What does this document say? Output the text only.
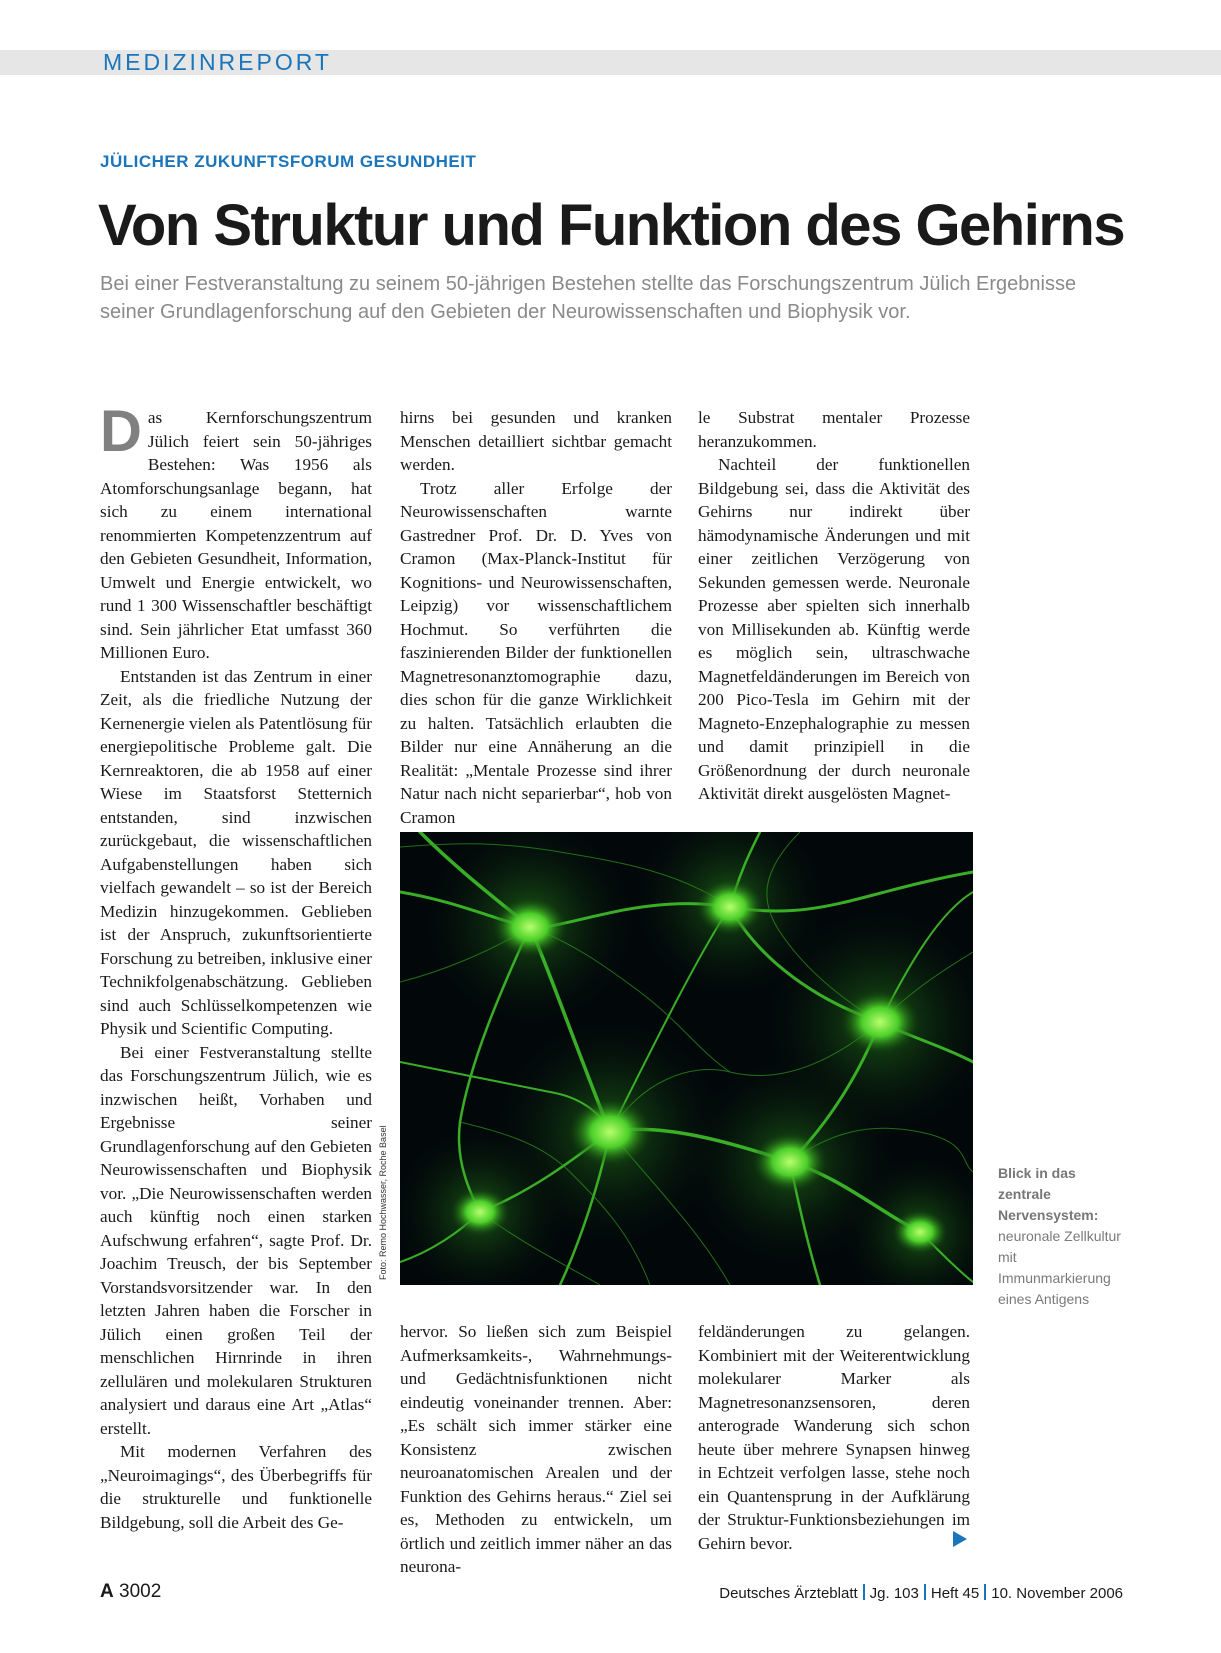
MEDIZINREPORT
JÜLICHER ZUKUNFTSFORUM GESUNDHEIT
Von Struktur und Funktion des Gehirns

Bei einer Festveranstaltung zu seinem 50-jährigen Bestehen stellte das Forschungszentrum Jülich Ergebnisse seiner Grundlagenforschung auf den Gebieten der Neurowissenschaften und Biophysik vor.

Das Kernforschungszentrum Jülich feiert sein 50-jähriges Bestehen: Was 1956 als Atomforschungsanlage begann, hat sich zu einem international renommierten Kompetenzzentrum auf den Gebieten Gesundheit, Information, Umwelt und Energie entwickelt, wo rund 1 300 Wissenschaftler beschäftigt sind. Sein jährlicher Etat umfasst 360 Millionen Euro.

Entstanden ist das Zentrum in einer Zeit, als die friedliche Nutzung der Kernenergie vielen als Patentlösung für energiepolitische Probleme galt. Die Kernreaktoren, die ab 1958 auf einer Wiese im Staatsforst Stetternich entstanden, sind inzwischen zurückgebaut, die wissenschaftlichen Aufgabenstellungen haben sich vielfach gewandelt – so ist der Bereich Medizin hinzugekommen. Geblieben ist der Anspruch, zukunftsorientierte Forschung zu betreiben, inklusive einer Technikfolgenabschätzung. Geblieben sind auch Schlüsselkompetenzen wie Physik und Scientific Computing.

Bei einer Festveranstaltung stellte das Forschungszentrum Jülich, wie es inzwischen heißt, Vorhaben und Ergebnisse seiner Grundlagenforschung auf den Gebieten Neurowissenschaften und Biophysik vor. „Die Neurowissenschaften werden auch künftig noch einen starken Aufschwung erfahren“, sagte Prof. Dr. Joachim Treusch, der bis September Vorstandsvorsitzender war. In den letzten Jahren haben die Forscher in Jülich einen großen Teil der menschlichen Hirnrinde in ihren zellulären und molekularen Strukturen analysiert und daraus eine Art „Atlas“ erstellt.

Mit modernen Verfahren des „Neuroimagings“, des Überbegriffs für die strukturelle und funktionelle Bildgebung, soll die Arbeit des Ge-

hirns bei gesunden und kranken Menschen detailliert sichtbar gemacht werden.

Trotz aller Erfolge der Neurowissenschaften warnte Gastredner Prof. Dr. D. Yves von Cramon (Max-Planck-Institut für Kognitions- und Neurowissenschaften, Leipzig) vor wissenschaftlichem Hochmut. So verführten die faszinierenden Bilder der funktionellen Magnetresonanztomographie dazu, dies schon für die ganze Wirklichkeit zu halten. Tatsächlich erlaubten die Bilder nur eine Annäherung an die Realität: „Mentale Prozesse sind ihrer Natur nach nicht separierbar“, hob von Cramon

le Substrat mentaler Prozesse heranzukommen.

Nachteil der funktionellen Bildgebung sei, dass die Aktivität des Gehirns nur indirekt über hämodynamische Änderungen und mit einer zeitlichen Verzögerung von Sekunden gemessen werde. Neuronale Prozesse aber spielten sich innerhalb von Millisekunden ab. Künftig werde es möglich sein, ultraschwache Magnetfeldänderungen im Bereich von 200 Pico-Tesla im Gehirn mit der Magneto-Enzephalographie zu messen und damit prinzipiell in die Größenordnung der durch neuronale Aktivität direkt ausgelösten Magnet-

Foto: Remo Hochwasser, Roche Basel	Blick in das zentrale Nervensystem:
neuronale Zellkultur mit Immunmarkierung eines Antigens

hervor. So ließen sich zum Beispiel Aufmerksamkeits-, Wahrnehmungs- und Gedächtnisfunktionen nicht eindeutig voneinander trennen. Aber: „Es schält sich immer stärker eine Konsistenz zwischen neuroanatomischen Arealen und der Funktion des Gehirns heraus.“ Ziel sei es, Methoden zu entwickeln, um örtlich und zeitlich immer näher an das neurona-

feldänderungen zu gelangen. Kombiniert mit der Weiterentwicklung molekularer Marker als Magnetresonanzsensoren, deren anterograde Wanderung sich schon heute über mehrere Synapsen hinweg in Echtzeit verfolgen lasse, stehe noch ein Quantensprung in der Aufklärung der Struktur-Funktionsbeziehungen im Gehirn bevor.

A 3002	Deutsches Ärzteblatt Jg. 103 Heft 45 10. November 2006
